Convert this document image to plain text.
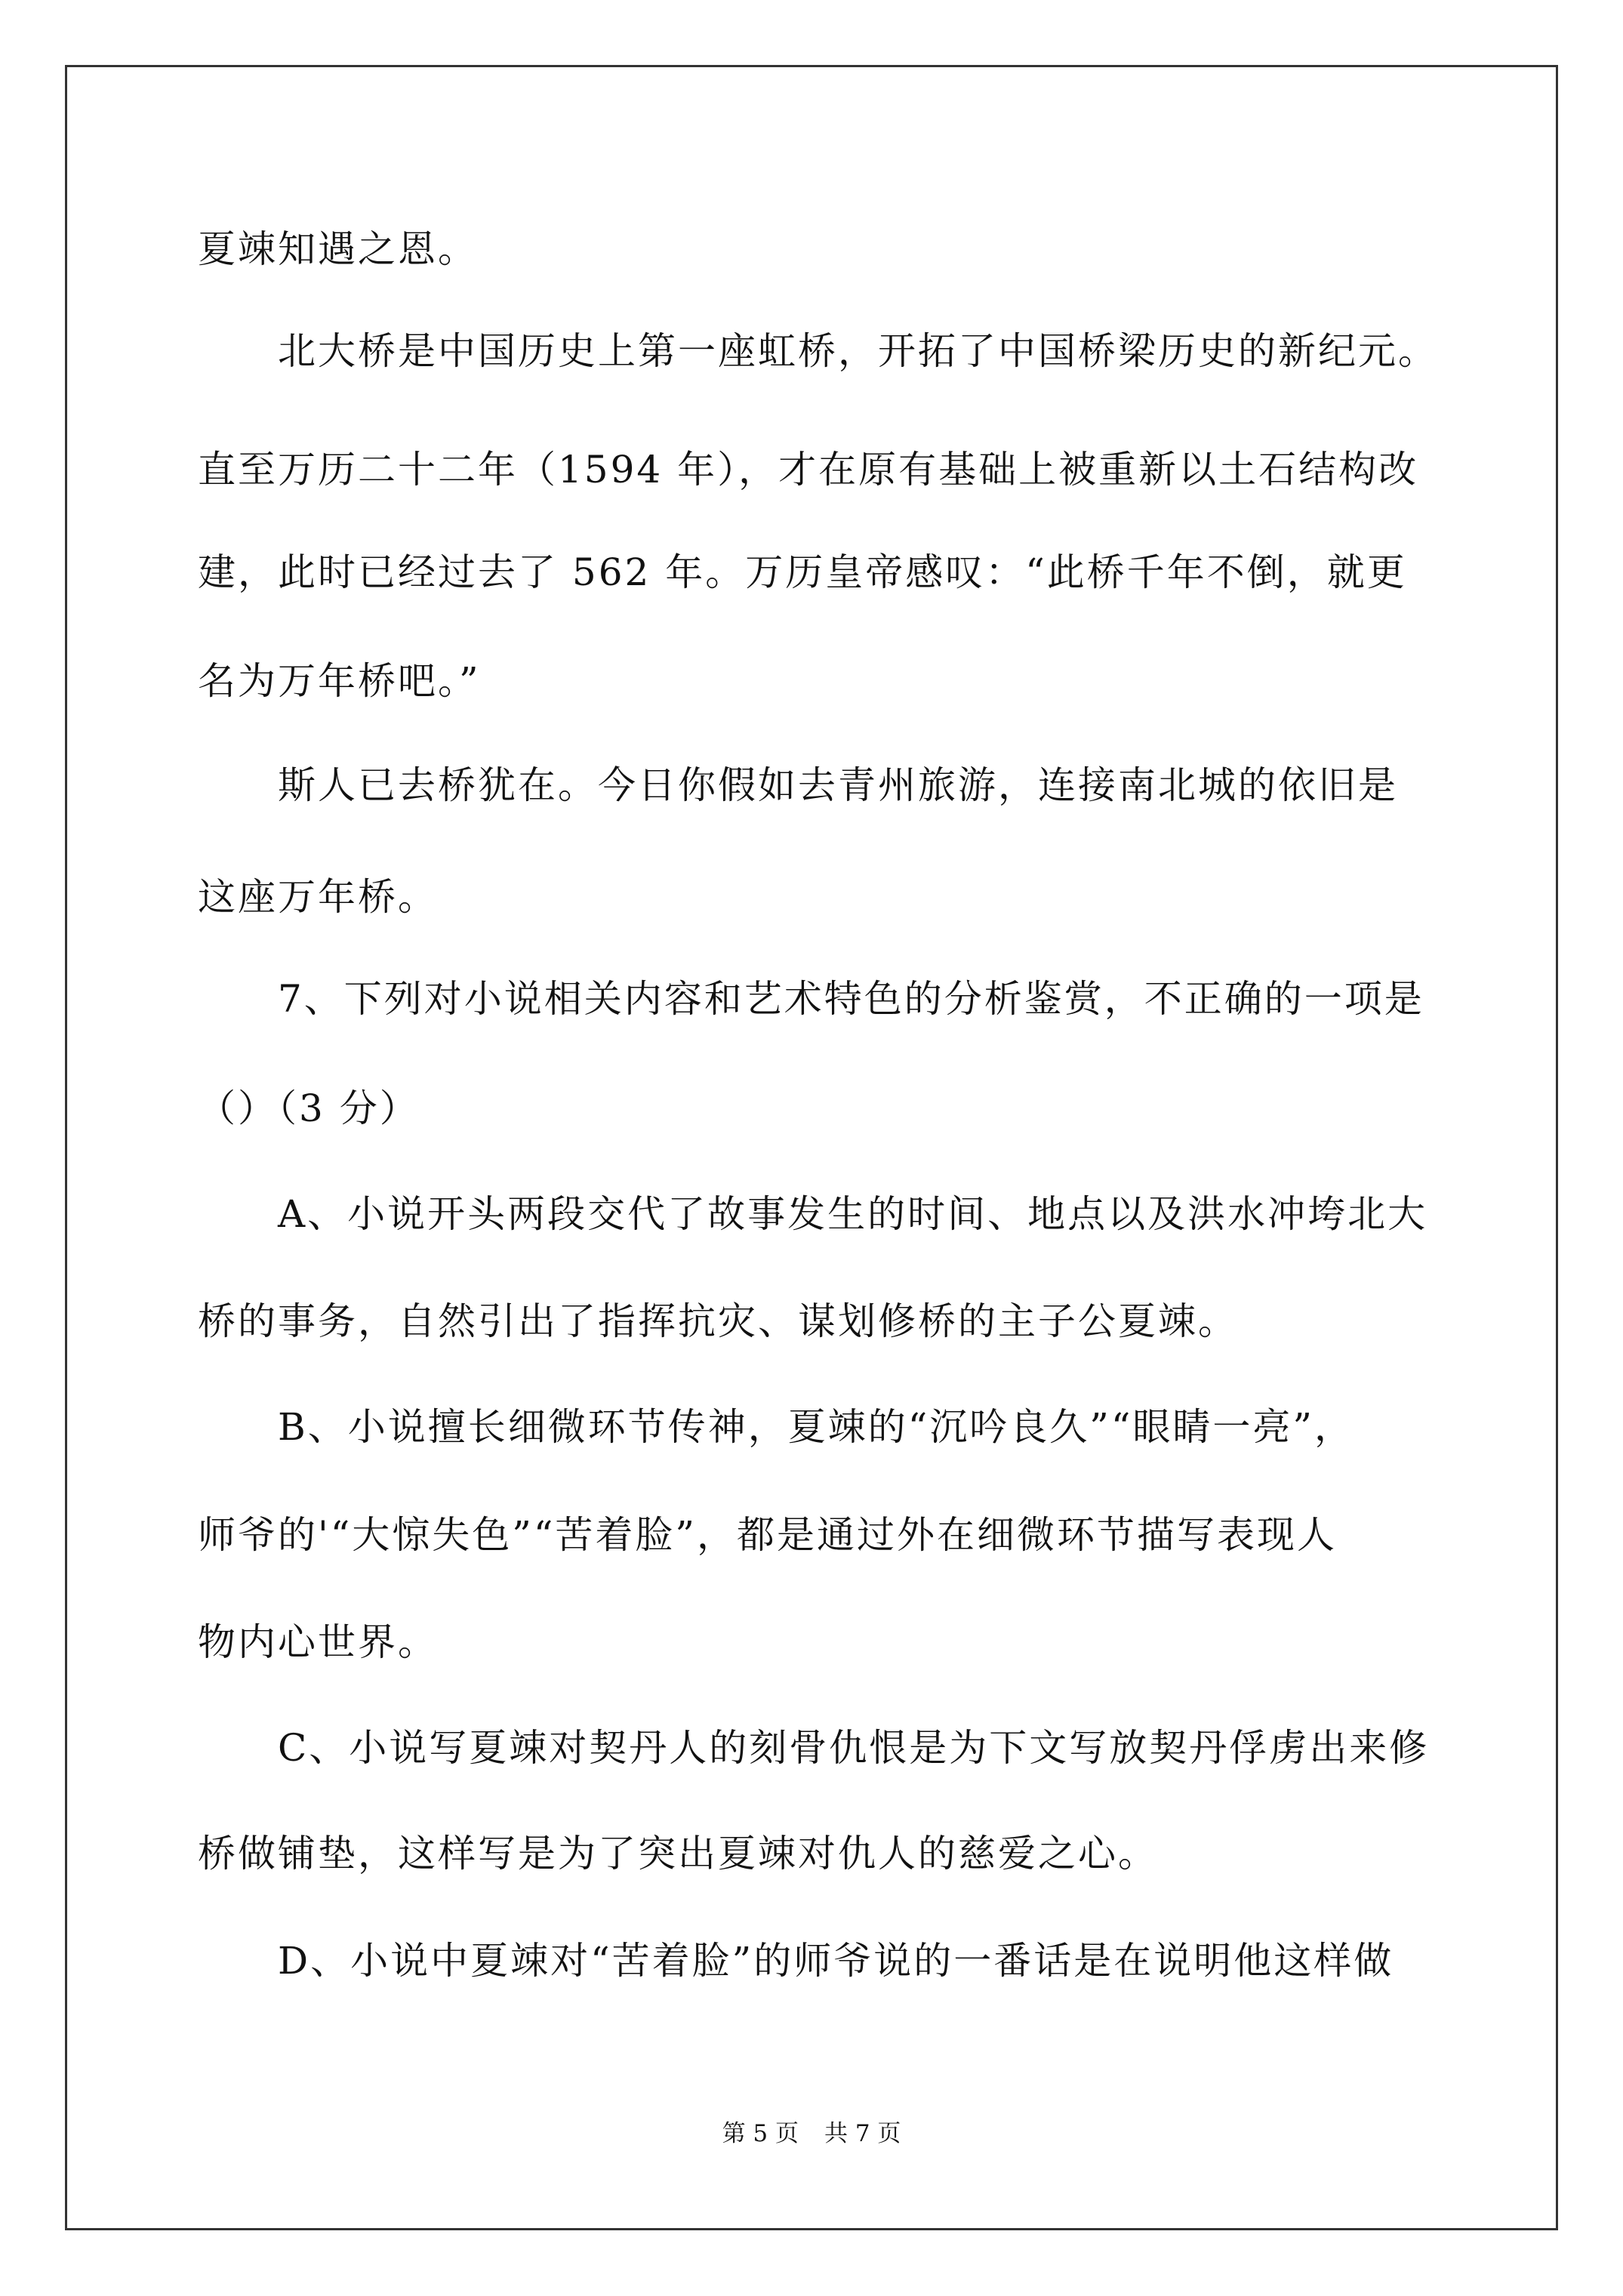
夏竦知遇之恩。
　　北大桥是中国历史上第一座虹桥，开拓了中国桥梁历史的新纪元。
直至万历二十二年（1594 年），才在原有基础上被重新以土石结构改
建，此时已经过去了 562 年。万历皇帝感叹：“此桥千年不倒，就更
名为万年桥吧。”
　　斯人已去桥犹在。今日你假如去青州旅游，连接南北城的依旧是
这座万年桥。
　　7、下列对小说相关内容和艺术特色的分析鉴赏，不正确的一项是
（）（3 分）
　　A、小说开头两段交代了故事发生的时间、地点以及洪水冲垮北大
桥的事务，自然引出了指挥抗灾、谋划修桥的主子公夏竦。
　　B、小说擅长细微环节传神，夏竦的“沉吟良久”“眼睛一亮”，
师爷的'“大惊失色”“苦着脸”，都是通过外在细微环节描写表现人
物内心世界。
　　C、小说写夏竦对契丹人的刻骨仇恨是为下文写放契丹俘虏出来修
桥做铺垫，这样写是为了突出夏竦对仇人的慈爱之心。
　　D、小说中夏竦对“苦着脸”的师爷说的一番话是在说明他这样做
第 5 页 共 7 页
